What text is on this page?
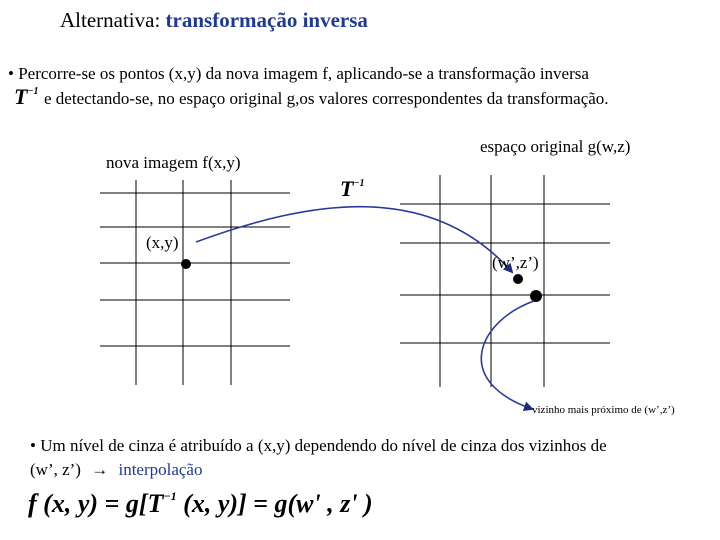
Alternativa: transformação inversa
• Percorre-se os pontos (x,y) da nova imagem f, aplicando-se a transformação inversa
$T^{-1}$ e detectando-se, no espaço original g,os valores correspondentes da transformação.
nova imagem f(x,y)
espaço original g(w,z)
$T^{-1}$
(x,y)
(w’,z’)
vizinho mais próximo de (w’,z’)
• Um nível de cinza é atribuído a (x,y) dependendo do nível de cinza dos vizinhos de
(w’, z’) → interpolação
f (x, $y) = g[T^{-1}$ (x, y)] = g(w' , z' )
